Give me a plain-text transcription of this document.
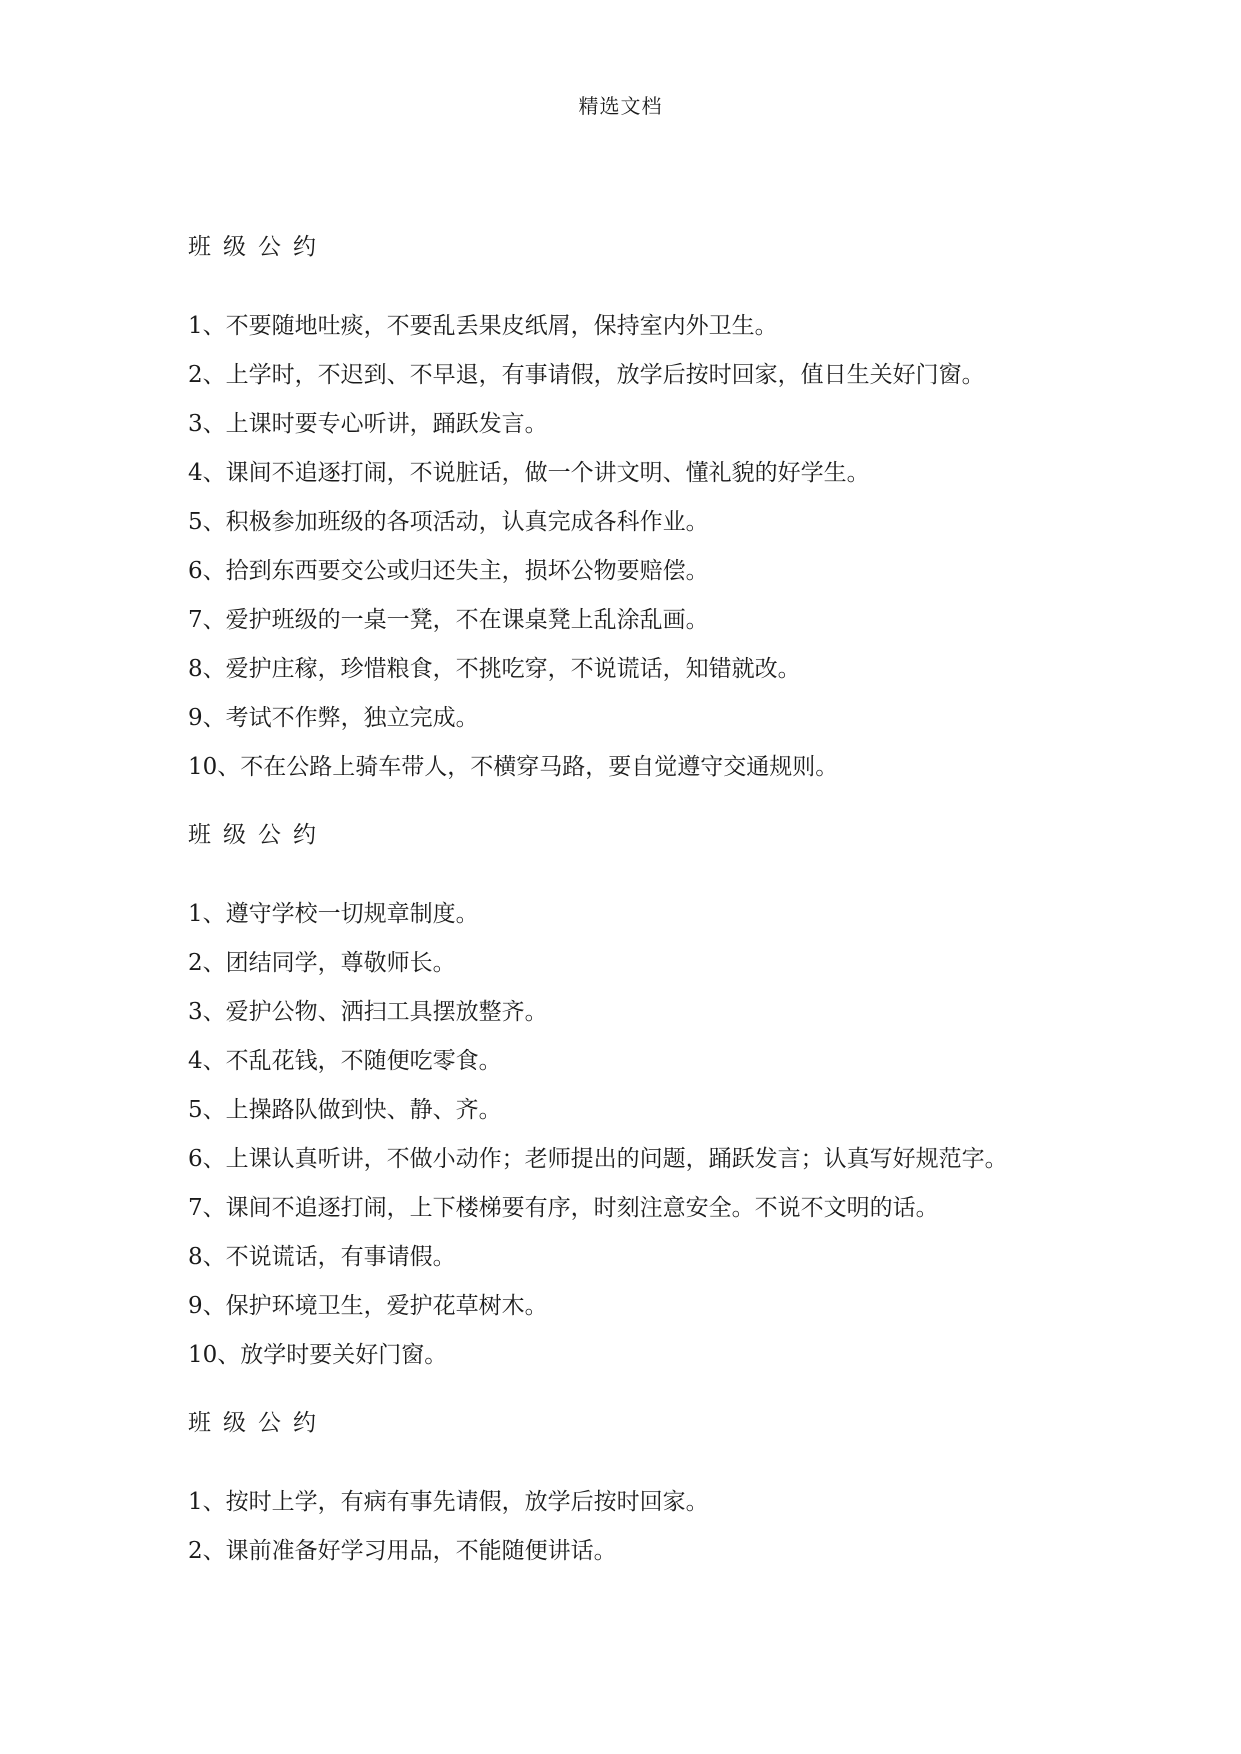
精选文档
班级公约
1、不要随地吐痰，不要乱丢果皮纸屑，保持室内外卫生。
2、上学时，不迟到、不早退，有事请假，放学后按时回家，值日生关好门窗。
3、上课时要专心听讲，踊跃发言。
4、课间不追逐打闹，不说脏话，做一个讲文明、懂礼貌的好学生。
5、积极参加班级的各项活动，认真完成各科作业。
6、拾到东西要交公或归还失主，损坏公物要赔偿。
7、爱护班级的一桌一凳，不在课桌凳上乱涂乱画。
8、爱护庄稼，珍惜粮食，不挑吃穿，不说谎话，知错就改。
9、考试不作弊，独立完成。
10、不在公路上骑车带人，不横穿马路，要自觉遵守交通规则。
班级公约
1、遵守学校一切规章制度。
2、团结同学，尊敬师长。
3、爱护公物、洒扫工具摆放整齐。
4、不乱花钱，不随便吃零食。
5、上操路队做到快、静、齐。
6、上课认真听讲，不做小动作；老师提出的问题，踊跃发言；认真写好规范字。
7、课间不追逐打闹，上下楼梯要有序，时刻注意安全。不说不文明的话。
8、不说谎话，有事请假。
9、保护环境卫生，爱护花草树木。
10、放学时要关好门窗。
班级公约
1、按时上学，有病有事先请假，放学后按时回家。
2、课前准备好学习用品，不能随便讲话。
